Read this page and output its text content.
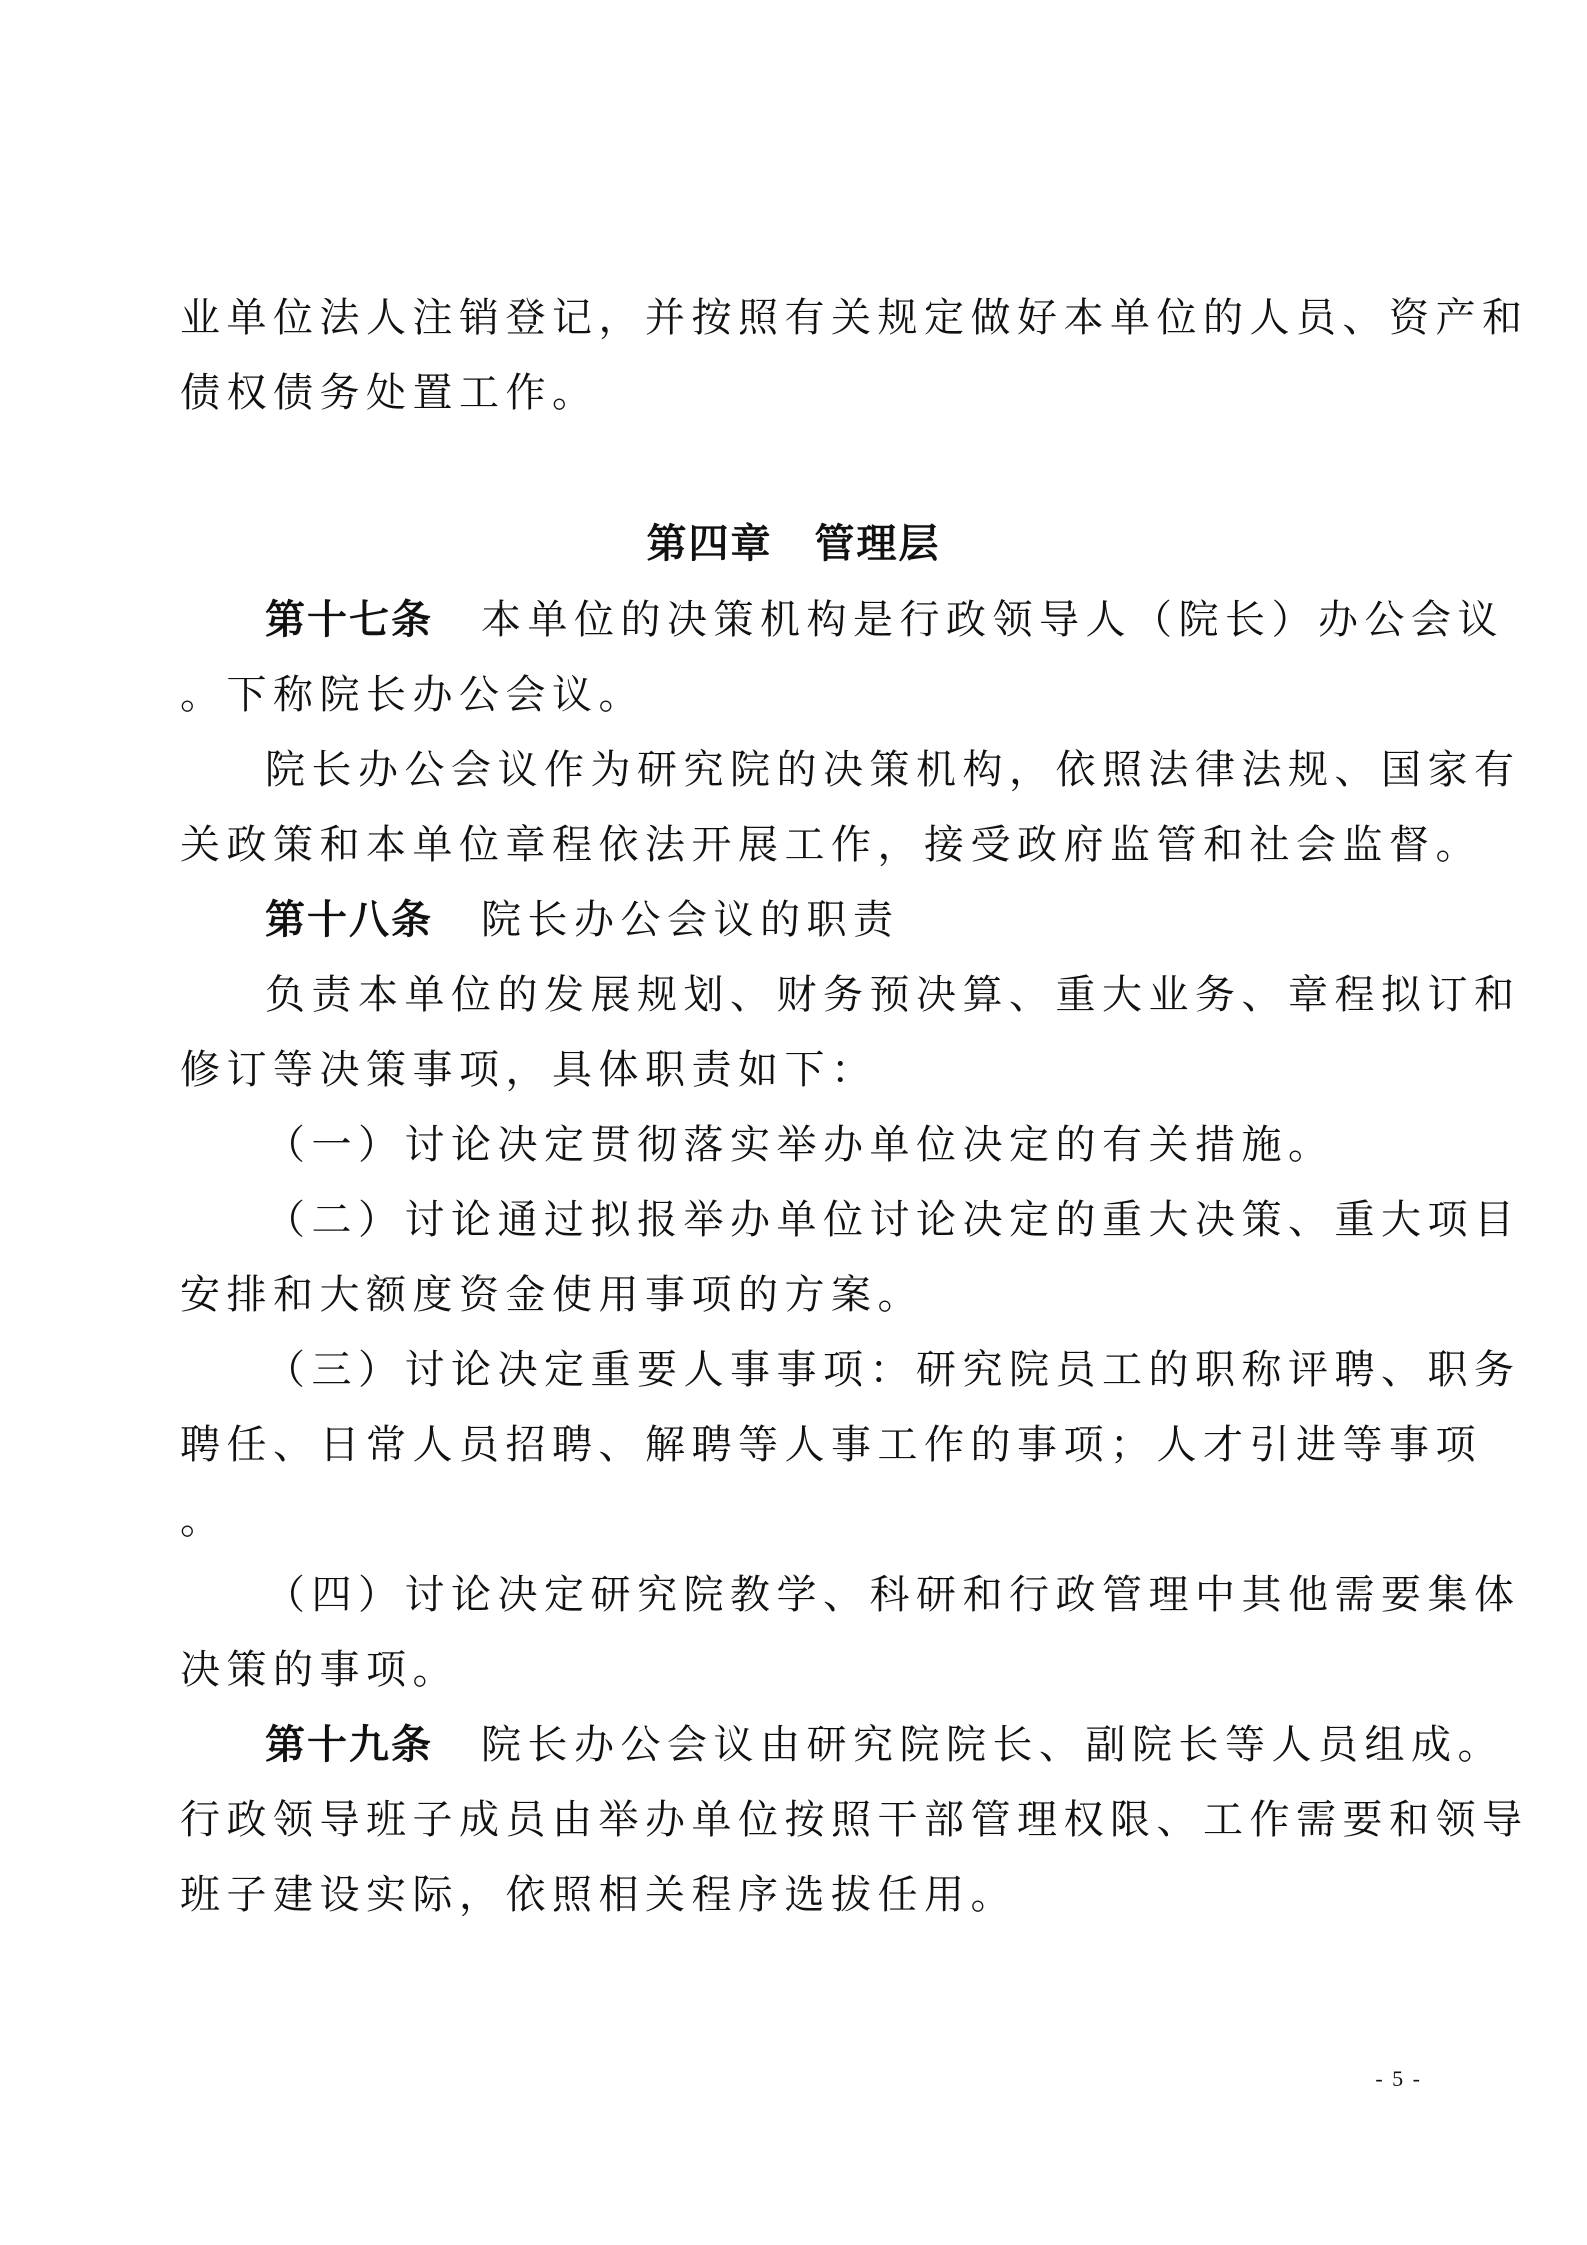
业单位法人注销登记，并按照有关规定做好本单位的人员、资产和
债权债务处置工作。
第四章　管理层
第十七条 本单位的决策机构是行政领导人（院长）办公会议
。下称院长办公会议。
院长办公会议作为研究院的决策机构，依照法律法规、国家有
关政策和本单位章程依法开展工作，接受政府监管和社会监督。
第十八条 院长办公会议的职责
负责本单位的发展规划、财务预决算、重大业务、章程拟订和
修订等决策事项，具体职责如下：
（一）讨论决定贯彻落实举办单位决定的有关措施。
（二）讨论通过拟报举办单位讨论决定的重大决策、重大项目
安排和大额度资金使用事项的方案。
（三）讨论决定重要人事事项：研究院员工的职称评聘、职务
聘任、日常人员招聘、解聘等人事工作的事项；人才引进等事项
。
（四）讨论决定研究院教学、科研和行政管理中其他需要集体
决策的事项。
第十九条 院长办公会议由研究院院长、副院长等人员组成。
行政领导班子成员由举办单位按照干部管理权限、工作需要和领导
班子建设实际，依照相关程序选拔任用。
- 5 -
